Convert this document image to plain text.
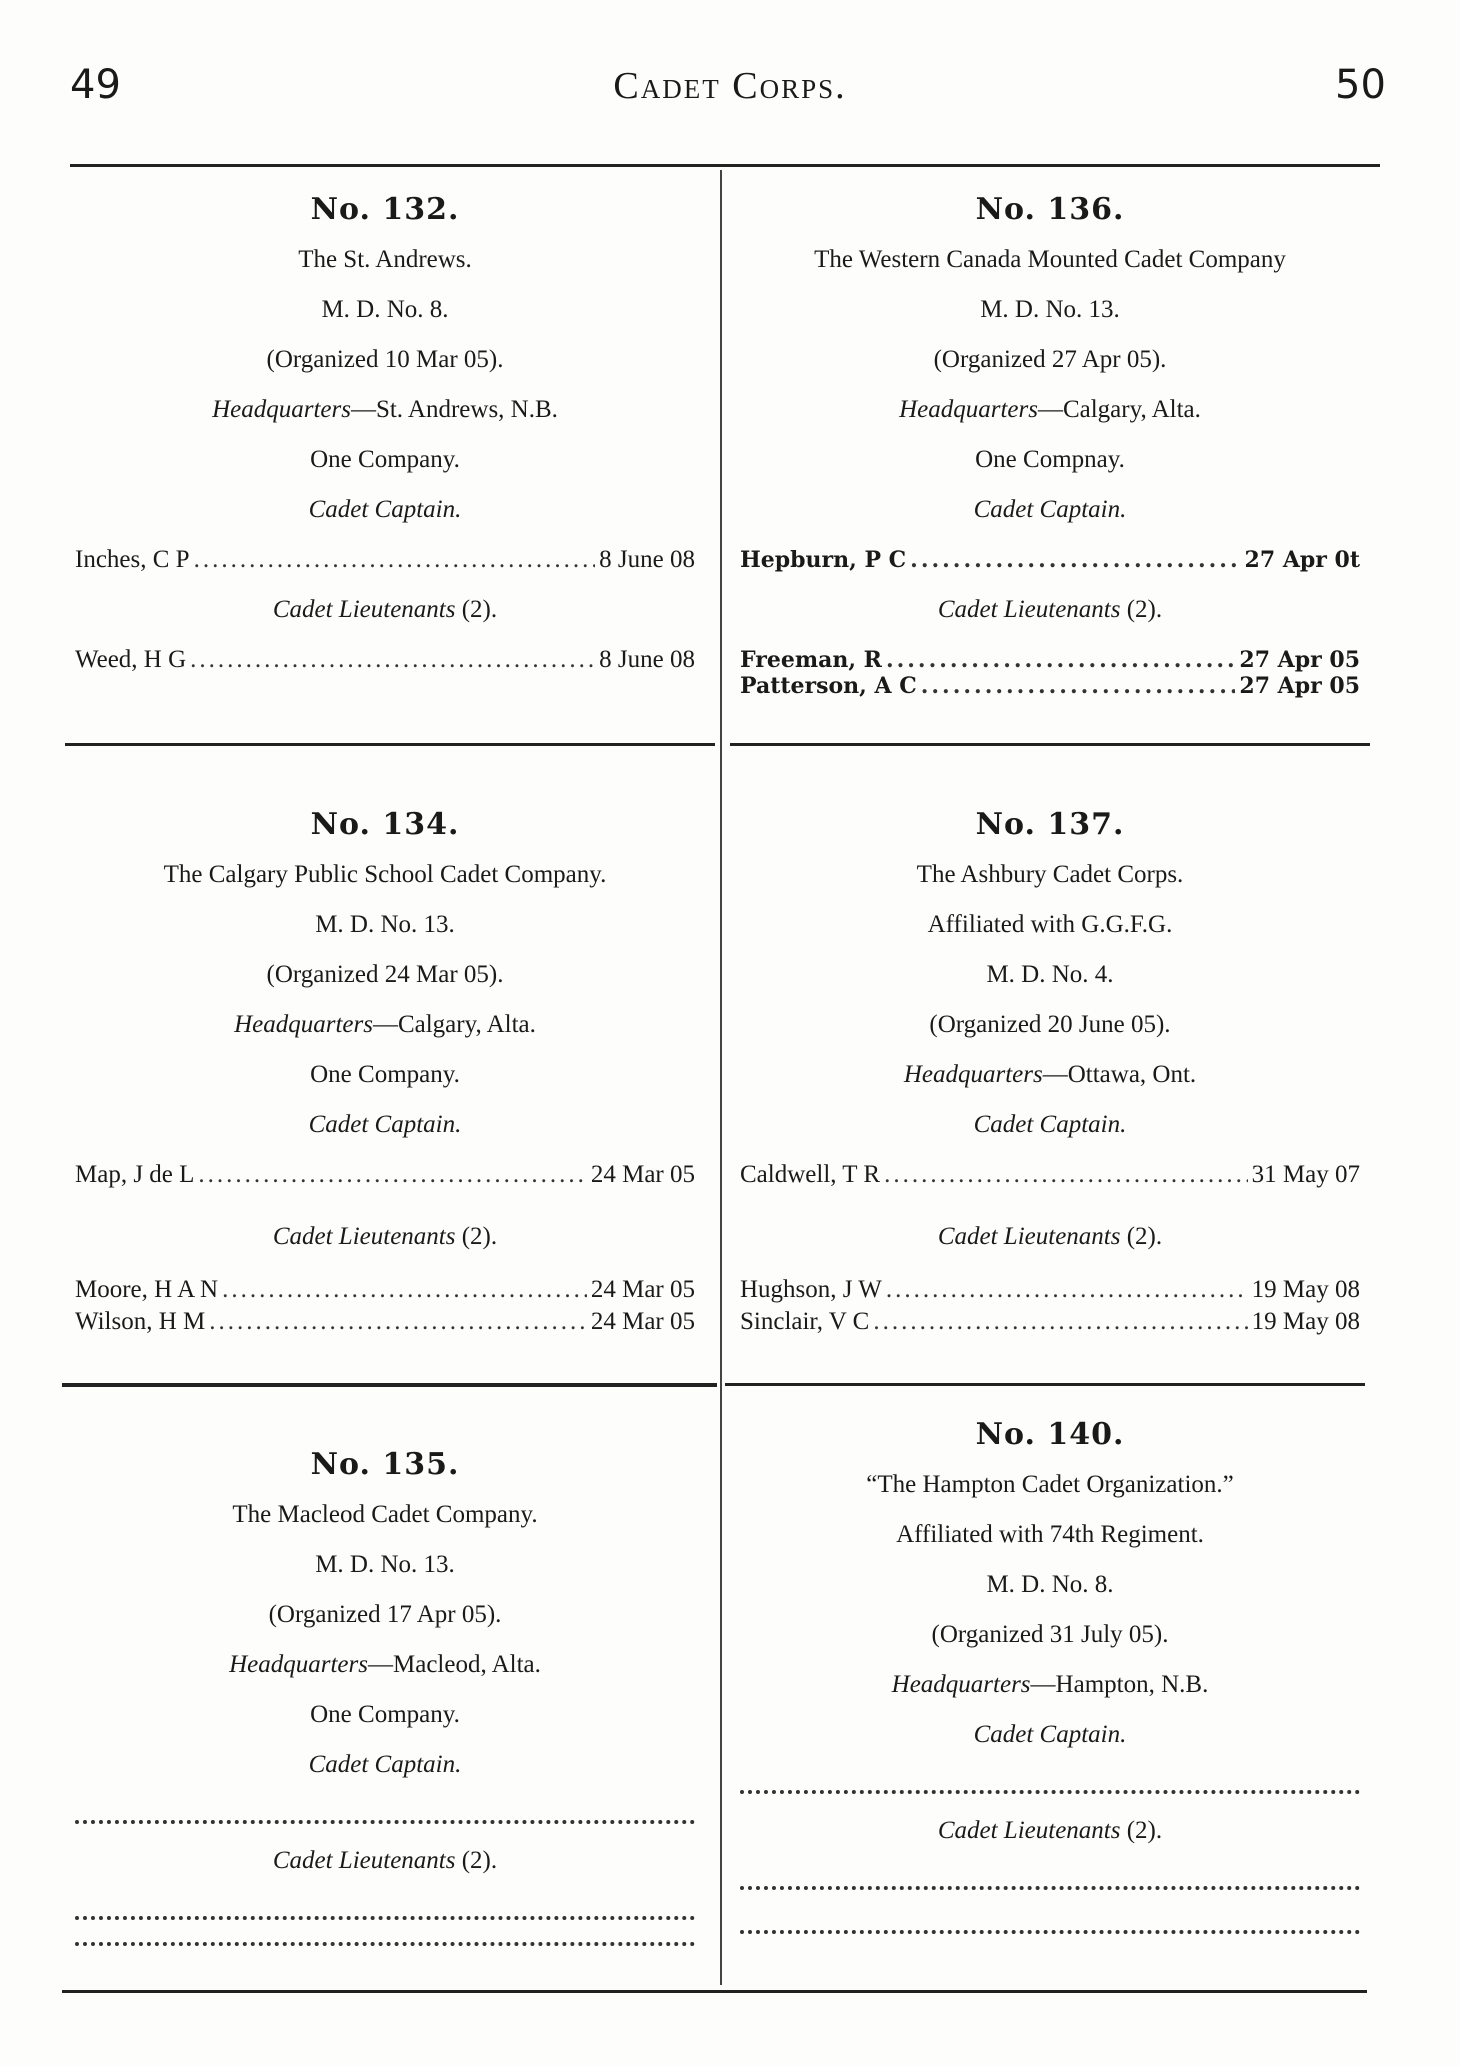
49	Cadet Corps.	50
No. 132.
The St. Andrews.
M. D. No. 8.
(Organized 10 Mar 05).
Headquarters—St. Andrews, N.B.
One Company.
Cadet Captain.
Inches, C P .....	8 June 08
Cadet Lieutenants (2).
Weed, H G .....	8 June 08
No. 136.
The Western Canada Mounted Cadet Company
M. D. No. 13.
(Organized 27 Apr 05).
Headquarters—Calgary, Alta.
One Compnay.
Cadet Captain.
Hepburn, P C .....	27 Apr 0t
Cadet Lieutenants (2).
Freeman, R .....	27 Apr 05
Patterson, A C .....	27 Apr 05
No. 134.
The Calgary Public School Cadet Company.
M. D. No. 13.
(Organized 24 Mar 05).
Headquarters—Calgary, Alta.
One Company.
Cadet Captain.
Map, J de L .....	24 Mar 05
Cadet Lieutenants (2).
Moore, H A N .....	24 Mar 05
Wilson, H M .....	24 Mar 05
No. 137.
The Ashbury Cadet Corps.
Affiliated with G.G.F.G.
M. D. No. 4.
(Organized 20 June 05).
Headquarters—Ottawa, Ont.
Cadet Captain.
Caldwell, T R .....	31 May 07
Cadet Lieutenants (2).
Hughson, J W .....	19 May 08
Sinclair, V C .....	19 May 08
No. 135.
The Macleod Cadet Company.
M. D. No. 13.
(Organized 17 Apr 05).
Headquarters—Macleod, Alta.
One Company.
Cadet Captain.
Cadet Lieutenants (2).
No. 140.
“The Hampton Cadet Organization.”
Affiliated with 74th Regiment.
M. D. No. 8.
(Organized 31 July 05).
Headquarters—Hampton, N.B.
Cadet Captain.
Cadet Lieutenants (2).
